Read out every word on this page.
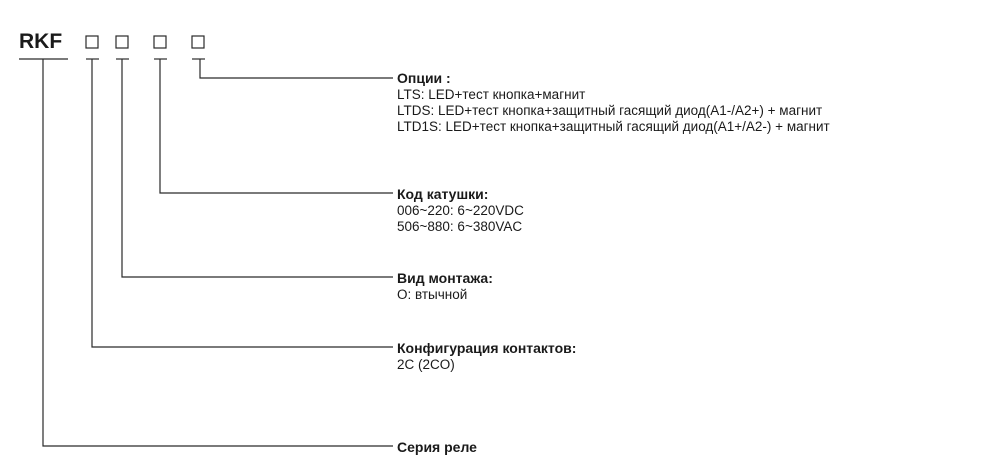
RKF
Опции :
LTS: LED+тест кнопка+магнит
LTDS: LED+тест кнопка+защитный гасящий диод(A1-/A2+) + магнит
LTD1S: LED+тест кнопка+защитный гасящий диод(A1+/A2-) + магнит
Код катушки:
006~220: 6~220VDC
506~880: 6~380VAC
Вид монтажа:
O: втычной
Конфигурация контактов:
2C (2CO)
Серия реле
